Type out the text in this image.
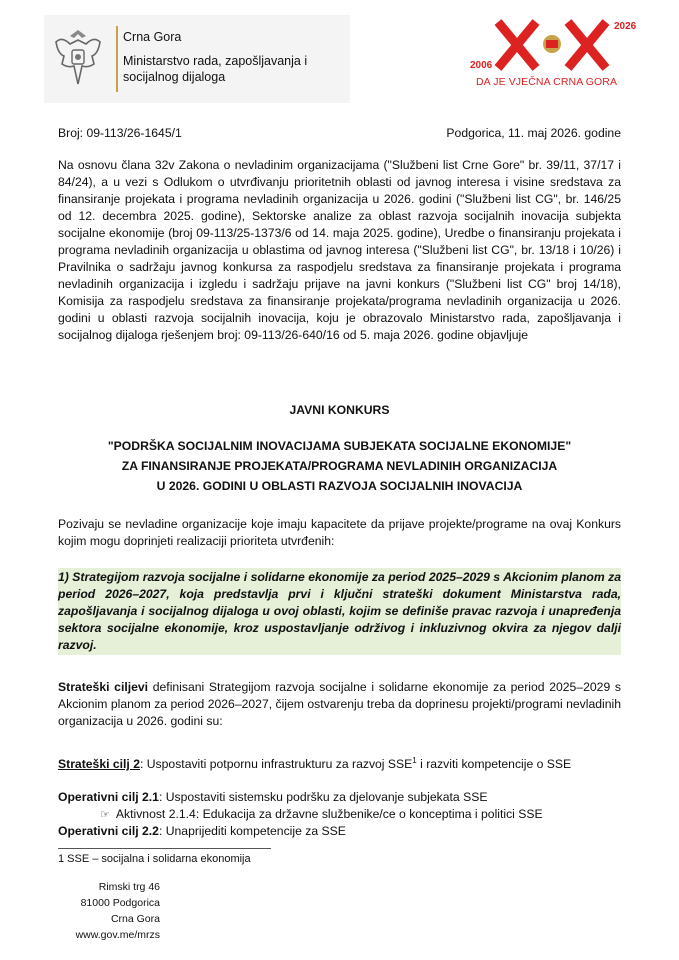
Crna Gora
Ministarstvo rada, zapošljavanja i socijalnog dijaloga
2006
2026
DA JE VJEČNA CRNA GORA
Broj: 09-113/26-1645/1	Podgorica, 11. maj 2026. godine
Na osnovu člana 32v Zakona o nevladinim organizacijama ("Službeni list Crne Gore" br. 39/11, 37/17 i 84/24), a u vezi s Odlukom o utvrđivanju prioritetnih oblasti od javnog interesa i visine sredstava za finansiranje projekata i programa nevladinih organizacija u 2026. godini ("Službeni list CG", br. 146/25 od 12. decembra 2025. godine), Sektorske analize za oblast razvoja socijalnih inovacija subjekta socijalne ekonomije (broj 09-113/25-1373/6 od 14. maja 2025. godine), Uredbe o finansiranju projekata i programa nevladinih organizacija u oblastima od javnog interesa ("Službeni list CG", br. 13/18 i 10/26) i Pravilnika o sadržaju javnog konkursa za raspodjelu sredstava za finansiranje projekata i programa nevladinih organizacija i izgledu i sadržaju prijave na javni konkurs ("Službeni list CG" broj 14/18), Komisija za raspodjelu sredstava za finansiranje projekata/programa nevladinih organizacija u 2026. godini u oblasti razvoja socijalnih inovacija, koju je obrazovalo Ministarstvo rada, zapošljavanja i socijalnog dijaloga rješenjem broj: 09-113/26-640/16 od 5. maja 2026. godine objavljuje
JAVNI KONKURS
"PODRŠKA SOCIJALNIM INOVACIJAMA SUBJEKATA SOCIJALNE EKONOMIJE"
ZA FINANSIRANJE PROJEKATA/PROGRAMA NEVLADINIH ORGANIZACIJA
U 2026. GODINI U OBLASTI RAZVOJA SOCIJALNIH INOVACIJA
Pozivaju se nevladine organizacije koje imaju kapacitete da prijave projekte/programe na ovaj Konkurs kojim mogu doprinjeti realizaciji prioriteta utvrđenih:
1) Strategijom razvoja socijalne i solidarne ekonomije za period 2025–2029 s Akcionim planom za period 2026–2027, koja predstavlja prvi i ključni strateški dokument Ministarstva rada, zapošljavanja i socijalnog dijaloga u ovoj oblasti, kojim se definiše pravac razvoja i unapređenja sektora socijalne ekonomije, kroz uspostavljanje održivog i inkluzivnog okvira za njegov dalji razvoj.
Strateški ciljevi definisani Strategijom razvoja socijalne i solidarne ekonomije za period 2025–2029 s Akcionim planom za period 2026–2027, čijem ostvarenju treba da doprinesu projekti/programi nevladinih organizacija u 2026. godini su:
Strateški cilj 2: Uspostaviti potpornu infrastrukturu za razvoj SSE$^1$ i razviti kompetencije o SSE
Operativni cilj 2.1: Uspostaviti sistemsku podršku za djelovanje subjekata SSE
☞ Aktivnost 2.1.4: Edukacija za državne službenike/ce o konceptima i politici SSE
Operativni cilj 2.2: Unaprijediti kompetencije za SSE
1 SSE – socijalna i solidarna ekonomija
Rimski trg 46
81000 Podgorica
Crna Gora
www.gov.me/mrzs
